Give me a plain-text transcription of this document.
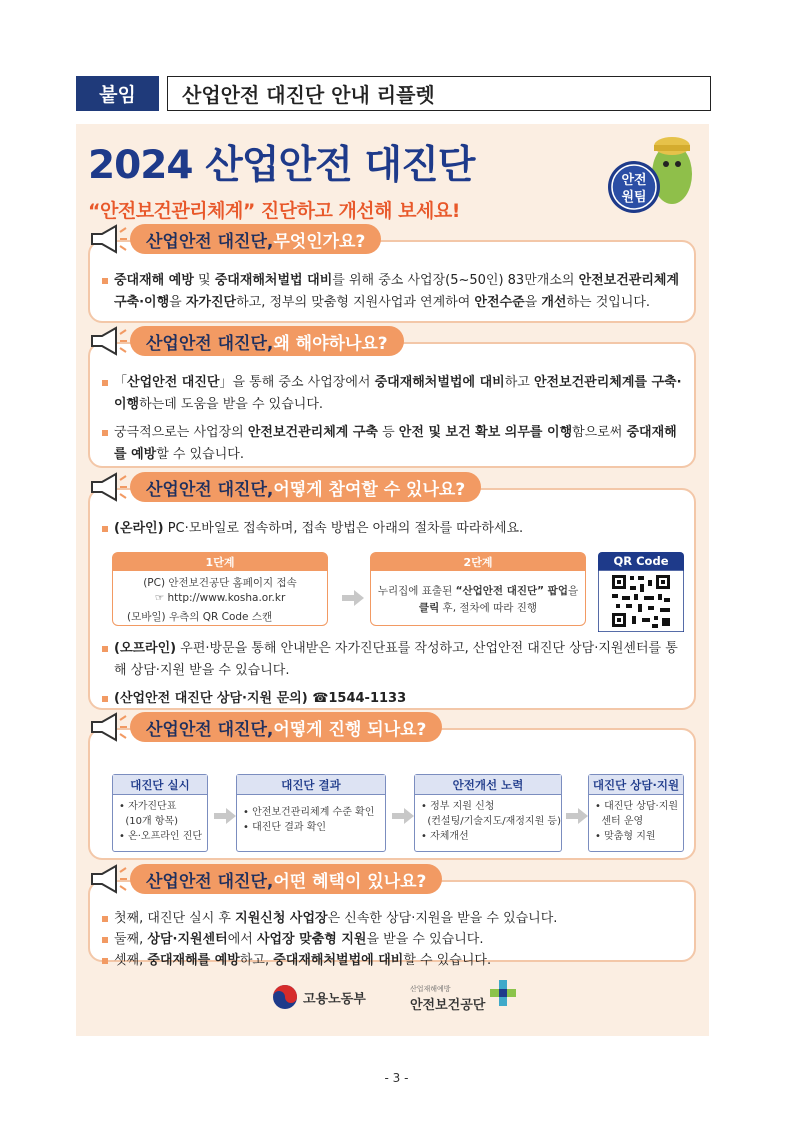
붙임	산업안전 대진단 안내 리플렛
2024 산업안전 대진단
“안전보건관리체계” 진단하고 개선해 보세요!
안전
원팀
산업안전 대진단, 무엇인가요?
중대재해 예방 및 중대재해처벌법 대비를 위해 중소 사업장(5~50인) 83만개소의 안전보건관리체계 구축·이행을 자가진단하고, 정부의 맞춤형 지원사업과 연계하여 안전수준을 개선하는 것입니다.
산업안전 대진단, 왜 해야하나요?
「산업안전 대진단」을 통해 중소 사업장에서 중대재해처벌법에 대비하고 안전보건관리체계를 구축·이행하는데 도움을 받을 수 있습니다.
궁극적으로는 사업장의 안전보건관리체계 구축 등 안전 및 보건 확보 의무를 이행함으로써 중대재해를 예방할 수 있습니다.
산업안전 대진단, 어떻게 참여할 수 있나요?
(온라인) PC·모바일로 접속하며, 접속 방법은 아래의 절차를 따라하세요.
1단계
(PC) 안전보건공단 홈페이지 접속
☞ http://www.kosha.or.kr
(모바일) 우측의 QR Code 스캔
2단계
누리집에 표출된 “산업안전 대진단” 팝업을
클릭 후, 절차에 따라 진행
QR Code
(오프라인) 우편·방문을 통해 안내받은 자가진단표를 작성하고, 산업안전 대진단 상담·지원센터를 통해 상담·지원 받을 수 있습니다.
(산업안전 대진단 상담·지원 문의) ☎1544-1133
산업안전 대진단, 어떻게 진행 되나요?
대진단 실시
• 자가진단표
(10개 항목)
• 온·오프라인 진단
대진단 결과
• 안전보건관리체계 수준 확인
• 대진단 결과 확인
안전개선 노력
• 정부 지원 신청
(컨설팅/기술지도/재정지원 등)
• 자체개선
대진단 상담·지원
• 대진단 상담·지원
센터 운영
• 맞춤형 지원
산업안전 대진단, 어떤 혜택이 있나요?
첫째, 대진단 실시 후 지원신청 사업장은 신속한 상담·지원을 받을 수 있습니다.
둘째, 상담·지원센터에서 사업장 맞춤형 지원을 받을 수 있습니다.
셋째, 중대재해를 예방하고, 중대재해처벌법에 대비할 수 있습니다.
고용노동부
산업재해예방
안전보건공단
- 3 -
